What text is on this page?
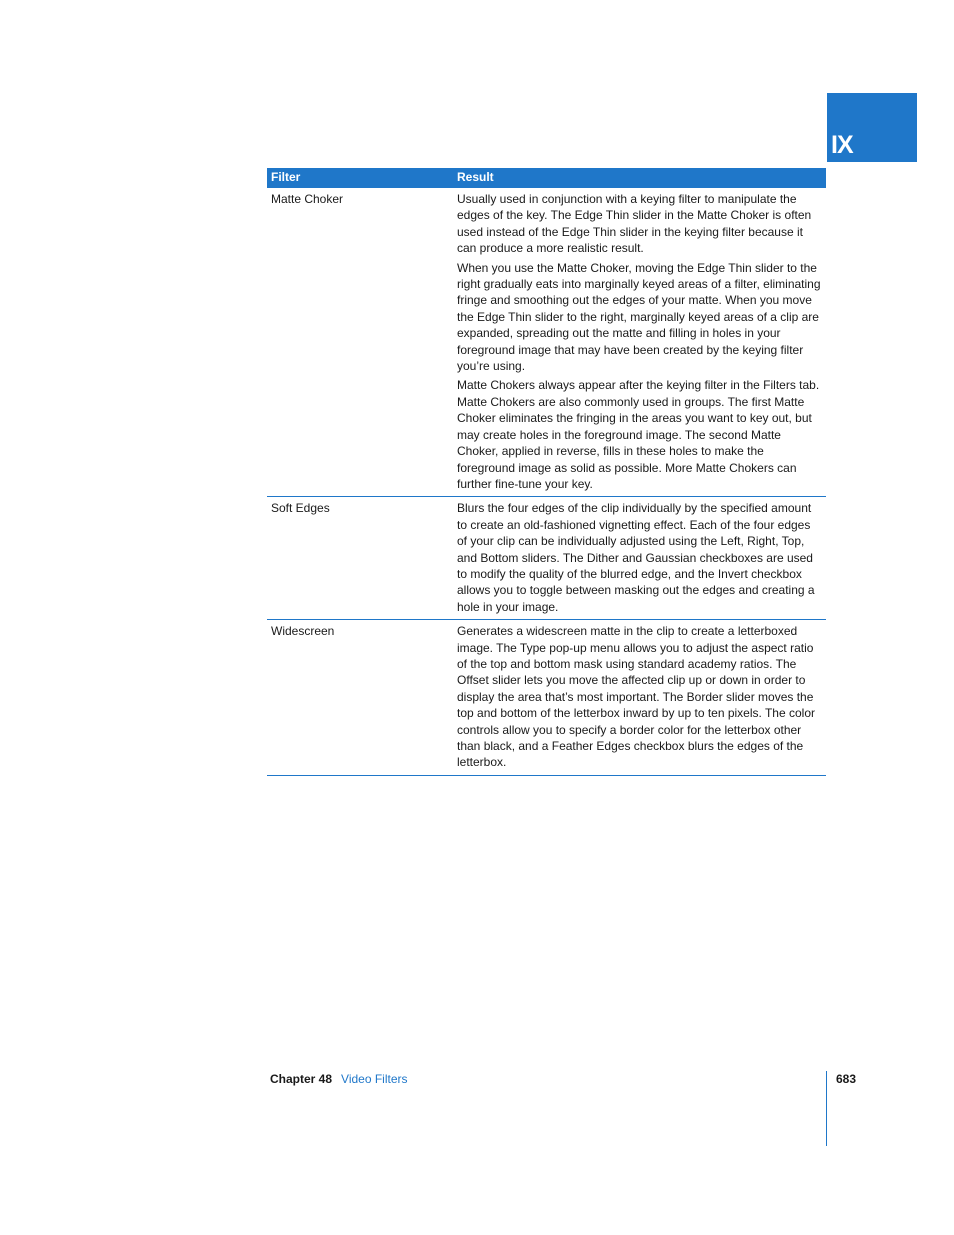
IX
Filter	Result
Matte Choker	Usually used in conjunction with a keying filter to manipulate the edges of the key. The Edge Thin slider in the Matte Choker is often used instead of the Edge Thin slider in the keying filter because it can produce a more realistic result.

When you use the Matte Choker, moving the Edge Thin slider to the right gradually eats into marginally keyed areas of a filter, eliminating fringe and smoothing out the edges of your matte. When you move the Edge Thin slider to the right, marginally keyed areas of a clip are expanded, spreading out the matte and filling in holes in your foreground image that may have been created by the keying filter you’re using.

Matte Chokers always appear after the keying filter in the Filters tab. Matte Chokers are also commonly used in groups. The first Matte Choker eliminates the fringing in the areas you want to key out, but may create holes in the foreground image. The second Matte Choker, applied in reverse, fills in these holes to make the foreground image as solid as possible. More Matte Chokers can further fine-tune your key.

Soft Edges	Blurs the four edges of the clip individually by the specified amount to create an old-fashioned vignetting effect. Each of the four edges of your clip can be individually adjusted using the Left, Right, Top, and Bottom sliders. The Dither and Gaussian checkboxes are used to modify the quality of the blurred edge, and the Invert checkbox allows you to toggle between masking out the edges and creating a hole in your image.

Widescreen	Generates a widescreen matte in the clip to create a letterboxed image. The Type pop-up menu allows you to adjust the aspect ratio of the top and bottom mask using standard academy ratios. The Offset slider lets you move the affected clip up or down in order to display the area that’s most important. The Border slider moves the top and bottom of the letterbox inward by up to ten pixels. The color controls allow you to specify a border color for the letterbox other than black, and a Feather Edges checkbox blurs the edges of the letterbox.

Chapter 48 Video Filters	683
